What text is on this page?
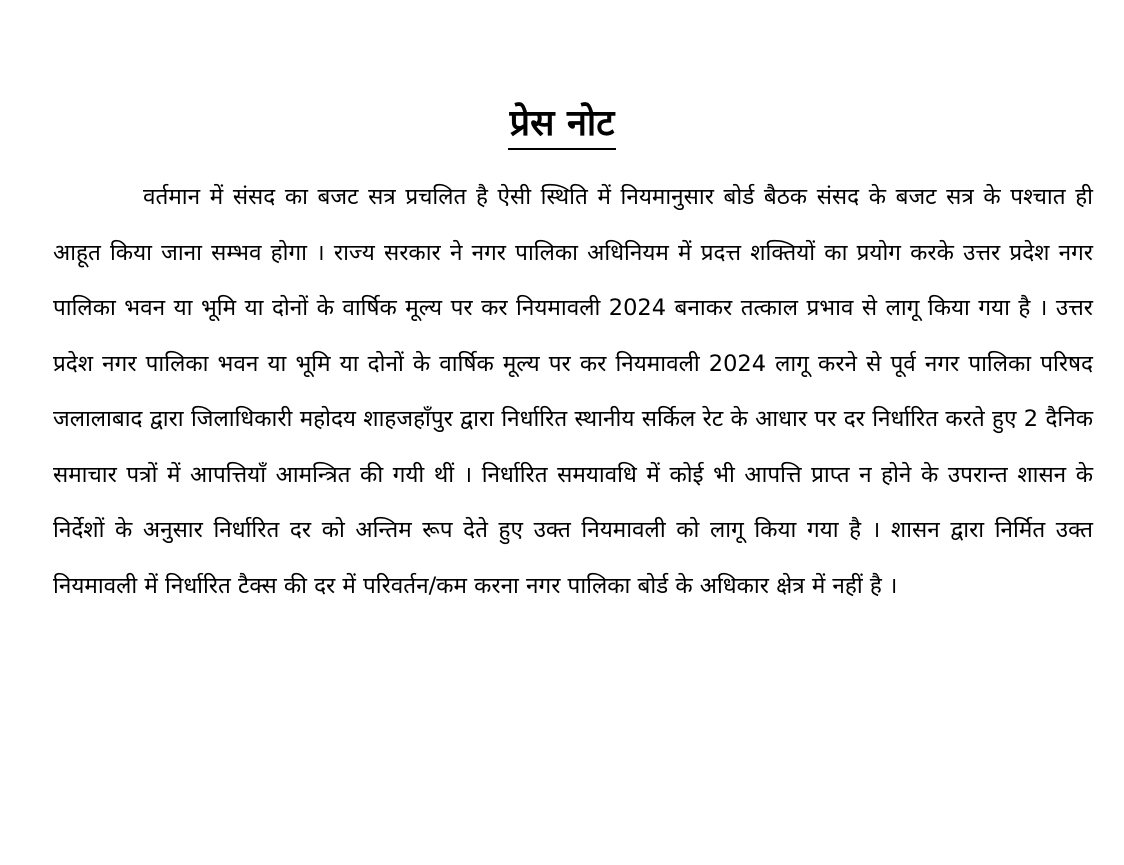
प्रेस नोट

वर्तमान में संसद का बजट सत्र प्रचलित है ऐसी स्थिति में नियमानुसार बोर्ड बैठक संसद के बजट सत्र के पश्चात ही आहूत किया जाना सम्भव होगा । राज्य सरकार ने नगर पालिका अधिनियम में प्रदत्त शक्तियों का प्रयोग करके उत्तर प्रदेश नगर पालिका भवन या भूमि या दोनों के वार्षिक मूल्य पर कर नियमावली 2024 बनाकर तत्काल प्रभाव से लागू किया गया है । उत्तर प्रदेश नगर पालिका भवन या भूमि या दोनों के वार्षिक मूल्य पर कर नियमावली 2024 लागू करने से पूर्व नगर पालिका परिषद जलालाबाद द्वारा जिलाधिकारी महोदय शाहजहाँपुर द्वारा निर्धारित स्थानीय सर्किल रेट के आधार पर दर निर्धारित करते हुए 2 दैनिक समाचार पत्रों में आपत्तियाँ आमन्त्रित की गयी थीं । निर्धारित समयावधि में कोई भी आपत्ति प्राप्त न होने के उपरान्त शासन के निर्देशों के अनुसार निर्धारित दर को अन्तिम रूप देते हुए उक्त नियमावली को लागू किया गया है । शासन द्वारा निर्मित उक्त नियमावली में निर्धारित टैक्स की दर में परिवर्तन/कम करना नगर पालिका बोर्ड के अधिकार क्षेत्र में नहीं है ।
